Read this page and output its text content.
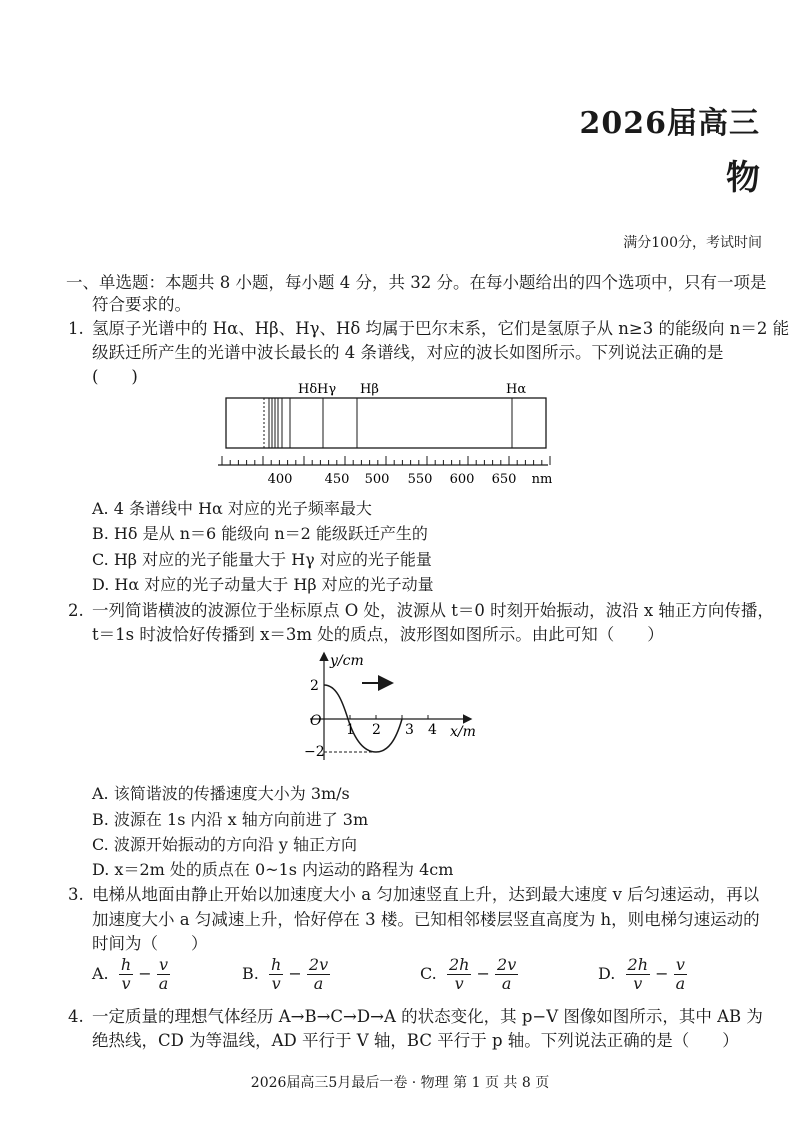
2026届高三
物
满分100分，考试时间
一、单选题：本题共 8 小题，每小题 4 分，共 32 分。在每小题给出的四个选项中，只有一项是
符合要求的。
1. 氢原子光谱中的 Hα、Hβ、Hγ、Hδ 均属于巴尔末系，它们是氢原子从 n≥3 的能级向 n＝2 能
级跃迁所产生的光谱中波长最长的 4 条谱线，对应的波长如图所示。下列说法正确的是
(　　)
Hδ Hγ Hβ	Hα
400 450 500 550 600 650 nm
A. 4 条谱线中 Hα 对应的光子频率最大
B. Hδ 是从 n＝6 能级向 n＝2 能级跃迁产生的
C. Hβ 对应的光子能量大于 Hγ 对应的光子能量
D. Hα 对应的光子动量大于 Hβ 对应的光子动量
2. 一列简谐横波的波源位于坐标原点 O 处，波源从 t＝0 时刻开始振动，波沿 x 轴正方向传播，
t＝1s 时波恰好传播到 x＝3m 处的质点，波形图如图所示。由此可知（　　）
y/cm
x/m
O
2
−2
1 2 3 4
A. 该简谐波的传播速度大小为 3m/s
B. 波源在 1s 内沿 x 轴方向前进了 3m
C. 波源开始振动的方向沿 y 轴正方向
D. x＝2m 处的质点在 0~1s 内运动的路程为 4cm
3. 电梯从地面由静止开始以加速度大小 a 匀加速竖直上升，达到最大速度 v 后匀速运动，再以
加速度大小 a 匀减速上升，恰好停在 3 楼。已知相邻楼层竖直高度为 h，则电梯匀速运动的
时间为（　　）
A. $\frac{h}{v} - \frac{v}{a}$	B. $\frac{h}{v} - \frac{2v}{a}$	C. $\frac{2h}{v} - \frac{2v}{a}$	D. $\frac{2h}{v} - \frac{v}{a}$
4. 一定质量的理想气体经历 A→B→C→D→A 的状态变化，其 p−V 图像如图所示，其中 AB 为
绝热线，CD 为等温线，AD 平行于 V 轴，BC 平行于 p 轴。下列说法正确的是（　　）
2026届高三5月最后一卷 · 物理 第 1 页 共 8 页
